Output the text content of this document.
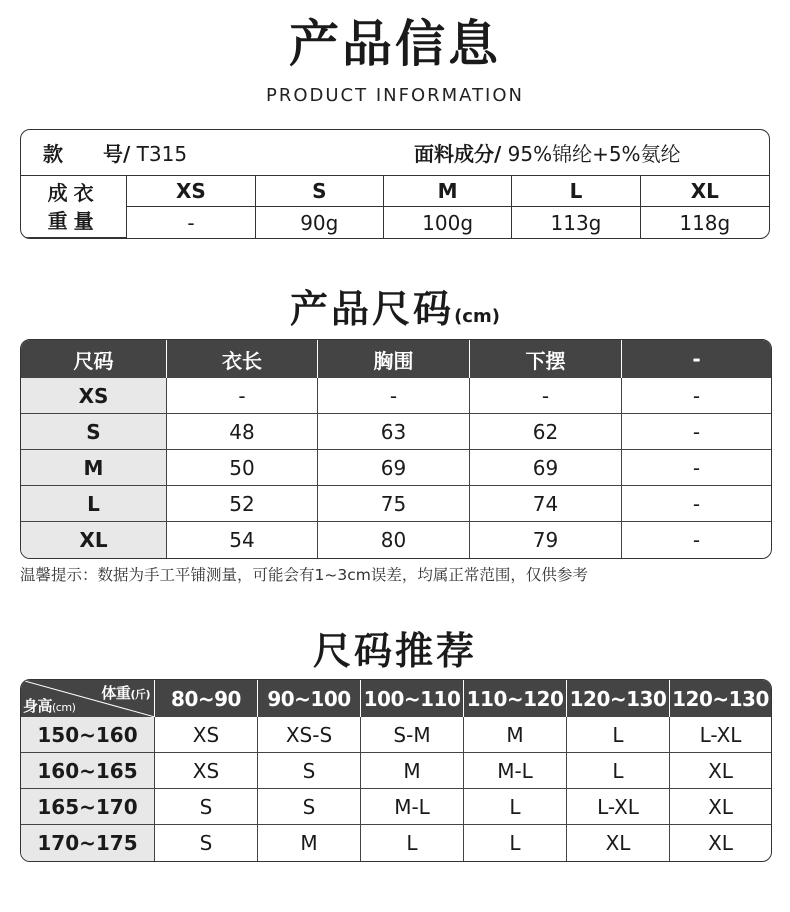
产品信息
PRODUCT INFORMATION
款　　号/ T315			面料成分/ 95%锦纶+5%氨纶		
成衣重量	XS	S	M	L	XL
	-	90g	100g	113g	118g
产品尺码(cm)
尺码	衣长	胸围	下摆	-
XS	-	-	-	-
S	48	63	62	-
M	50	69	69	-
L	52	75	74	-
XL	54	80	79	-
温馨提示：数据为手工平铺测量，可能会有1~3cm误差，均属正常范围，仅供参考
尺码推荐
体重(斤)
身高(cm)	80~90	90~100	100~110	110~120	120~130	120~130
150~160	XS	XS-S	S-M	M	L	L-XL
160~165	XS	S	M	M-L	L	XL
165~170	S	S	M-L	L	L-XL	XL
170~175	S	M	L	L	XL	XL
